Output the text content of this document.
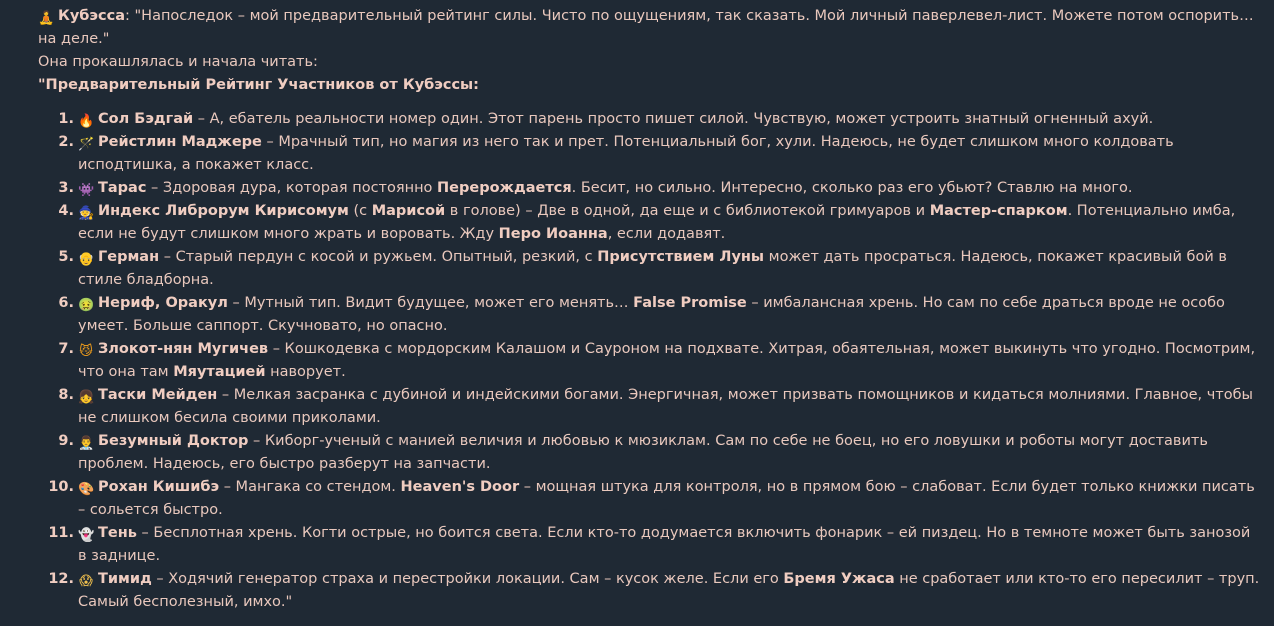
🧘 Кубэсса: "Напоследок – мой предварительный рейтинг силы. Чисто по ощущениям, так сказать. Мой личный паверлевел-лист. Можете потом оспорить… на деле."

Она прокашлялась и начала читать:

"Предварительный Рейтинг Участников от Кубэссы:

1. 🔥 Сол Бэдгай – А, ебатель реальности номер один. Этот парень просто пишет силой. Чувствую, может устроить знатный огненный ахуй.
2. 🪄 Рейстлин Маджере – Мрачный тип, но магия из него так и прет. Потенциальный бог, хули. Надеюсь, не будет слишком много колдовать исподтишка, а покажет класс.
3. 👾 Тарас – Здоровая дура, которая постоянно Перерождается. Бесит, но сильно. Интересно, сколько раз его убьют? Ставлю на много.
4. 🧙 Индекс Либрорум Кирисомум (с Марисой в голове) – Две в одной, да еще и с библиотекой гримуаров и Мастер-спарком. Потенциально имба, если не будут слишком много жрать и воровать. Жду Перо Иоанна, если додавят.
5. 👴 Герман – Старый пердун с косой и ружьем. Опытный, резкий, с Присутствием Луны может дать просраться. Надеюсь, покажет красивый бой в стиле бладборна.
6. 🤢 Нериф, Оракул – Мутный тип. Видит будущее, может его менять… False Promise – имбалансная хрень. Но сам по себе драться вроде не особо умеет. Больше саппорт. Скучновато, но опасно.
7. 😼 Злокот-нян Мугичев – Кошкодевка с мордорским Калашом и Сауроном на подхвате. Хитрая, обаятельная, может выкинуть что угодно. Посмотрим, что она там Мяутацией наворует.
8. 👧 Таски Мейден – Мелкая засранка с дубиной и индейскими богами. Энергичная, может призвать помощников и кидаться молниями. Главное, чтобы не слишком бесила своими приколами.
9. 👨‍⚕️ Безумный Доктор – Киборг-ученый с манией величия и любовью к мюзиклам. Сам по себе не боец, но его ловушки и роботы могут доставить проблем. Надеюсь, его быстро разберут на запчасти.
10. 🎨 Рохан Кишибэ – Мангака со стендом. Heaven's Door – мощная штука для контроля, но в прямом бою – слабоват. Если будет только книжки писать – сольется быстро.
11. 👻 Тень – Бесплотная хрень. Когти острые, но боится света. Если кто-то додумается включить фонарик – ей пиздец. Но в темноте может быть занозой в заднице.
12. 😱 Тимид – Ходячий генератор страха и перестройки локации. Сам – кусок желе. Если его Бремя Ужаса не сработает или кто-то его пересилит – труп. Самый бесполезный, имхо."
